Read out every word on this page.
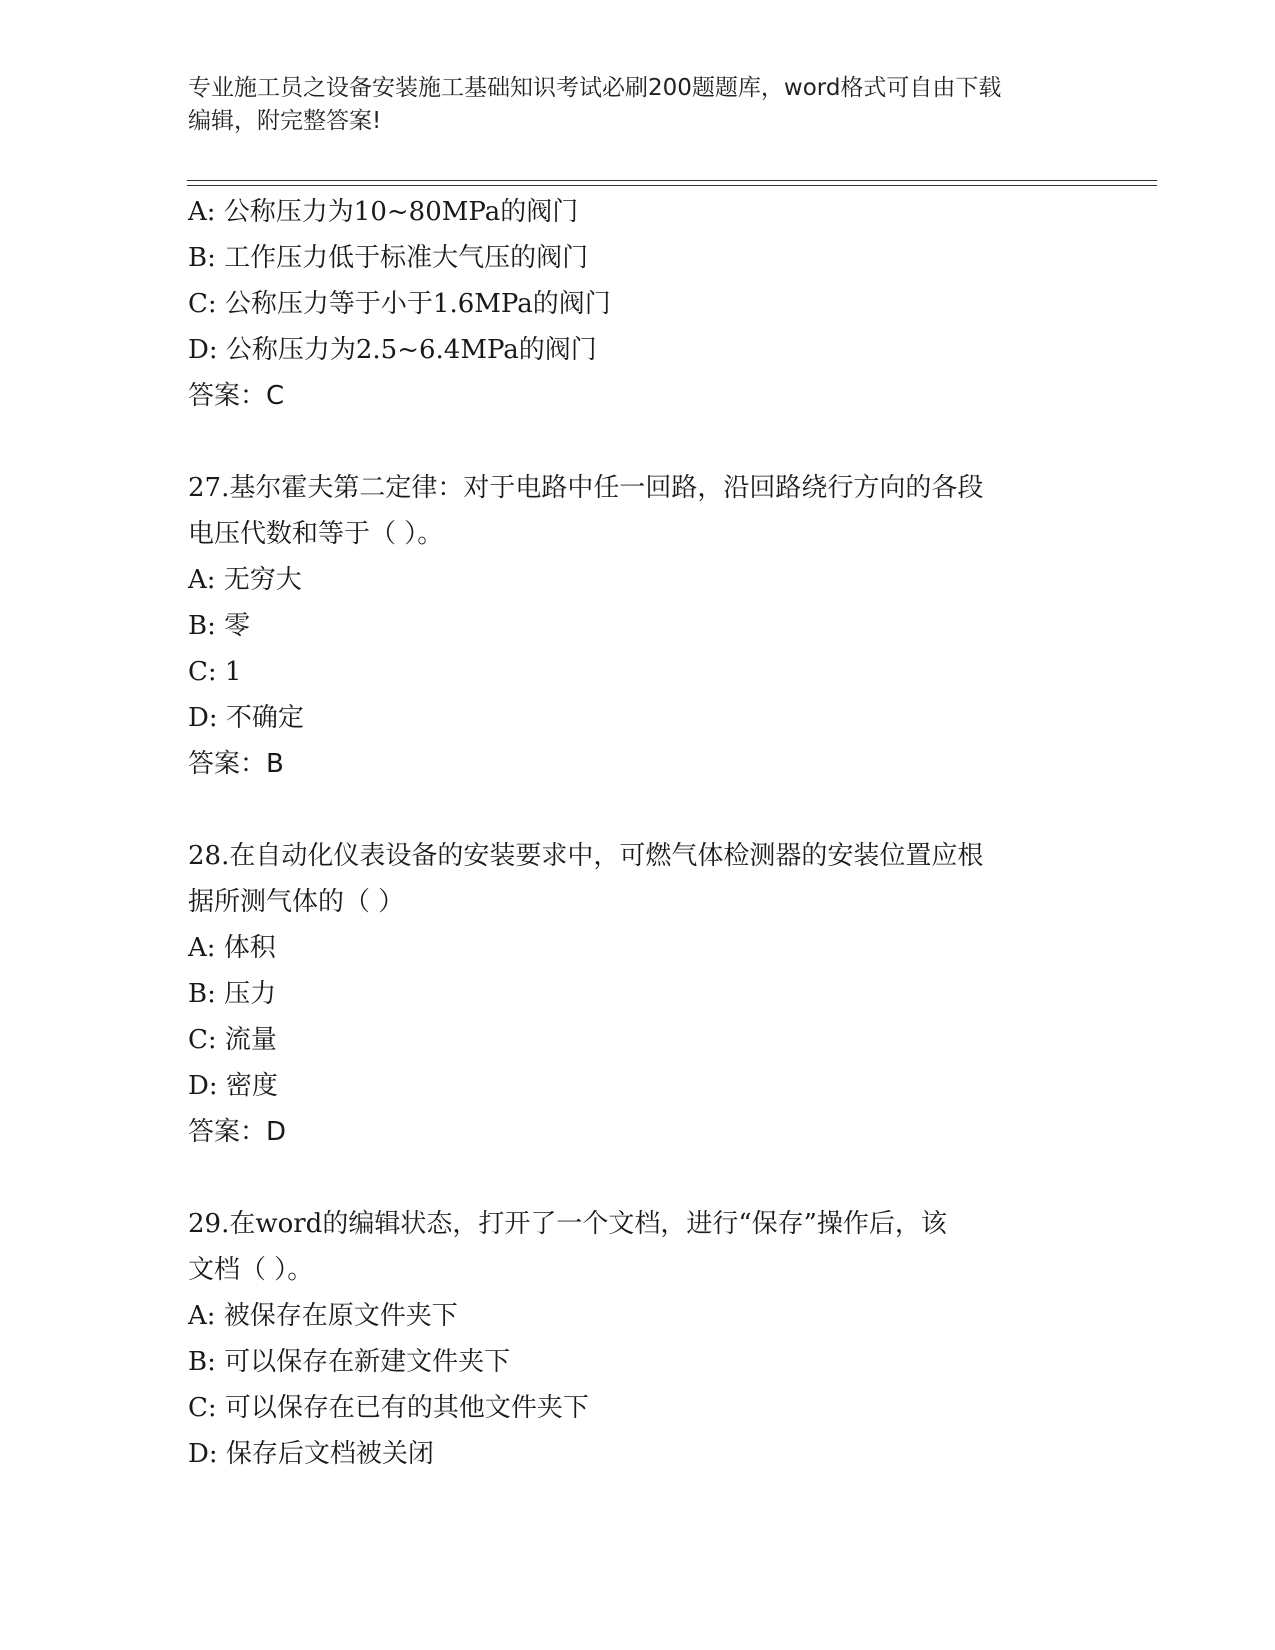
专业施工员之设备安装施工基础知识考试必刷200题题库，word格式可自由下载
编辑，附完整答案!
A: 公称压力为10~80MPa的阀门
B: 工作压力低于标准大气压的阀门
C: 公称压力等于小于1.6MPa的阀门
D: 公称压力为2.5~6.4MPa的阀门
答案：C
27.基尔霍夫第二定律：对于电路中任一回路，沿回路绕行方向的各段
电压代数和等于（ ）。
A: 无穷大
B: 零
C: 1
D: 不确定
答案：B
28.在自动化仪表设备的安装要求中，可燃气体检测器的安装位置应根
据所测气体的（ ）
A: 体积
B: 压力
C: 流量
D: 密度
答案：D
29.在word的编辑状态，打开了一个文档，进行“保存”操作后，该
文档（ ）。
A: 被保存在原文件夹下
B: 可以保存在新建文件夹下
C: 可以保存在已有的其他文件夹下
D: 保存后文档被关闭
